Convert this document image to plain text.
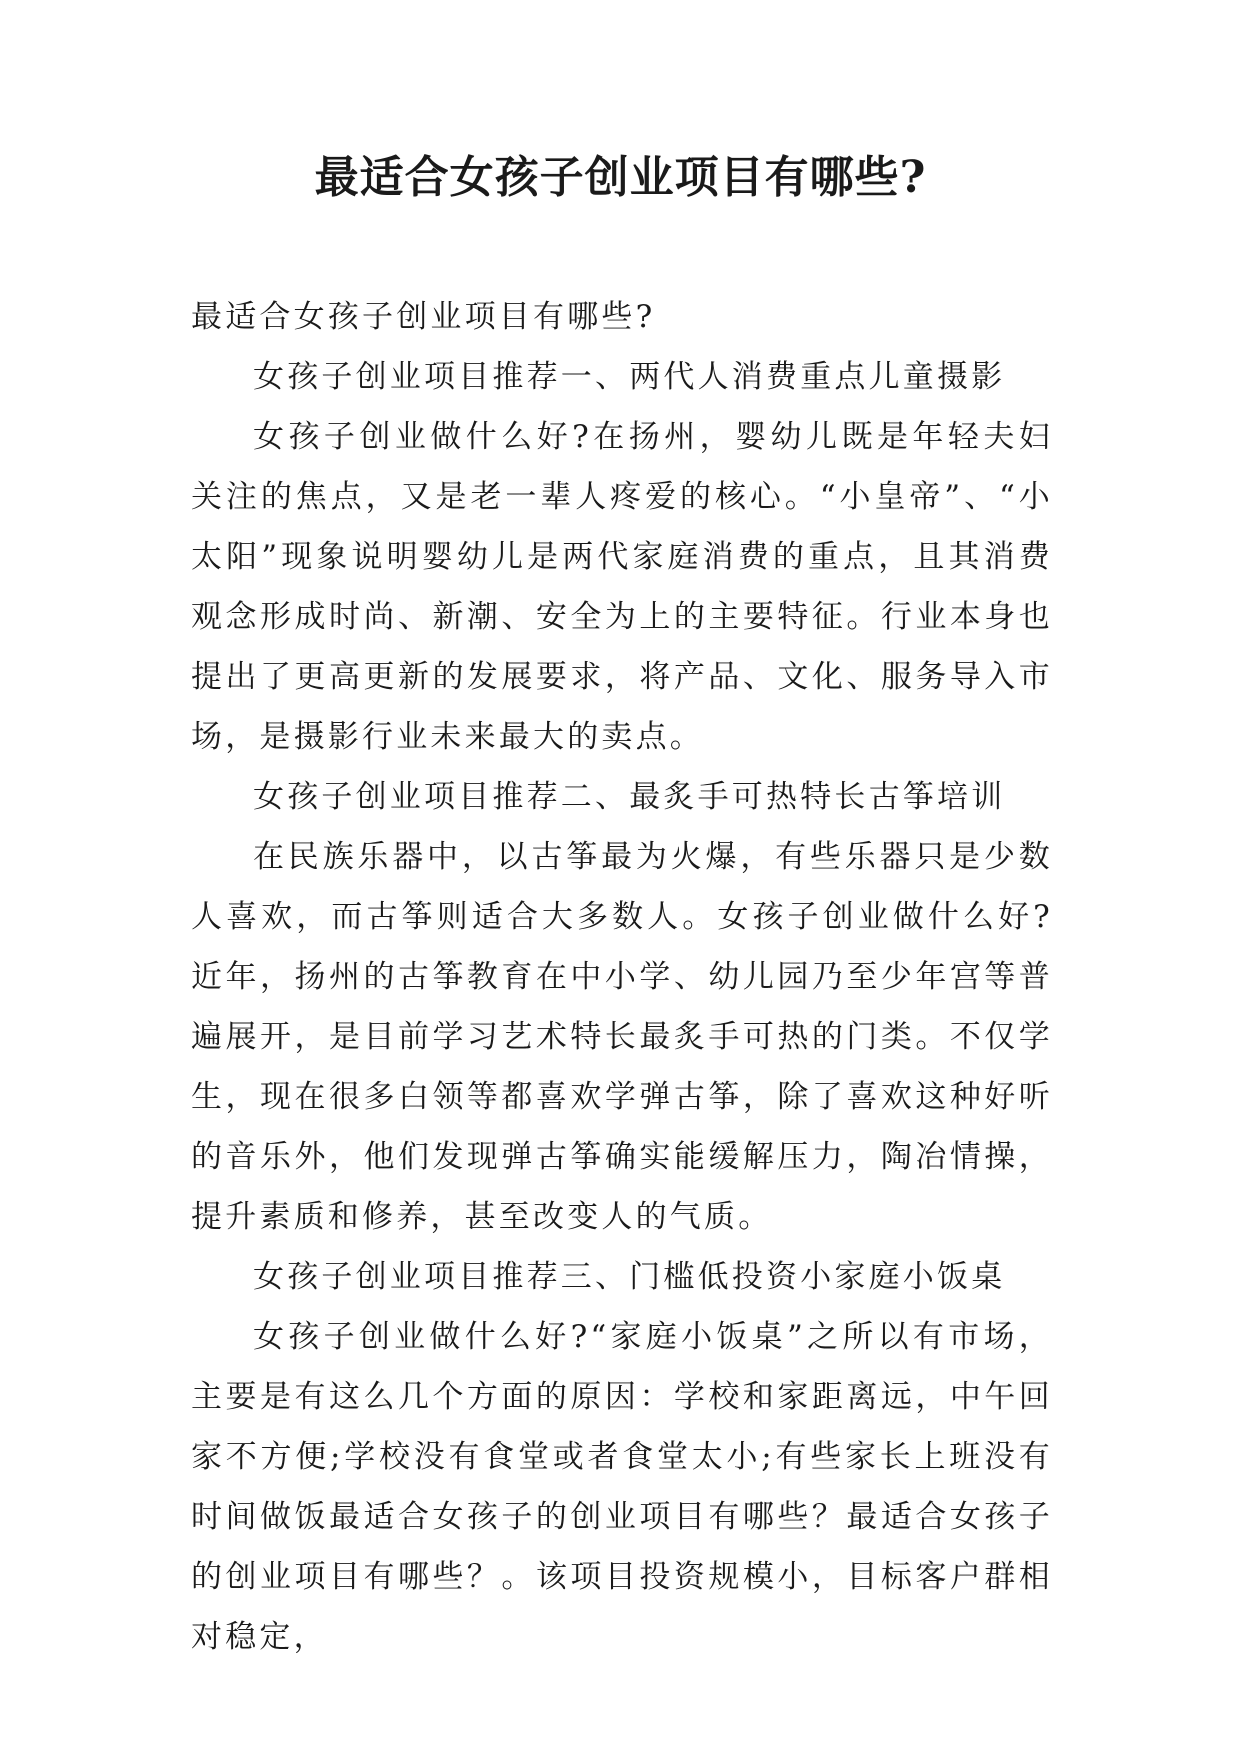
最适合女孩子创业项目有哪些?

最适合女孩子创业项目有哪些?

女孩子创业项目推荐一、两代人消费重点儿童摄影

女孩子创业做什么好?在扬州，婴幼儿既是年轻夫妇关注的焦点，又是老一辈人疼爱的核心。“小皇帝”、“小太阳”现象说明婴幼儿是两代家庭消费的重点，且其消费观念形成时尚、新潮、安全为上的主要特征。行业本身也提出了更高更新的发展要求，将产品、文化、服务导入市场，是摄影行业未来最大的卖点。

女孩子创业项目推荐二、最炙手可热特长古筝培训

在民族乐器中，以古筝最为火爆，有些乐器只是少数人喜欢，而古筝则适合大多数人。女孩子创业做什么好?近年，扬州的古筝教育在中小学、幼儿园乃至少年宫等普遍展开，是目前学习艺术特长最炙手可热的门类。不仅学生，现在很多白领等都喜欢学弹古筝，除了喜欢这种好听的音乐外，他们发现弹古筝确实能缓解压力，陶冶情操，提升素质和修养，甚至改变人的气质。

女孩子创业项目推荐三、门槛低投资小家庭小饭桌

女孩子创业做什么好?“家庭小饭桌”之所以有市场，主要是有这么几个方面的原因：学校和家距离远，中午回家不方便;学校没有食堂或者食堂太小;有些家长上班没有时间做饭最适合女孩子的创业项目有哪些？最适合女孩子的创业项目有哪些？。该项目投资规模小，目标客户群相对稳定，
